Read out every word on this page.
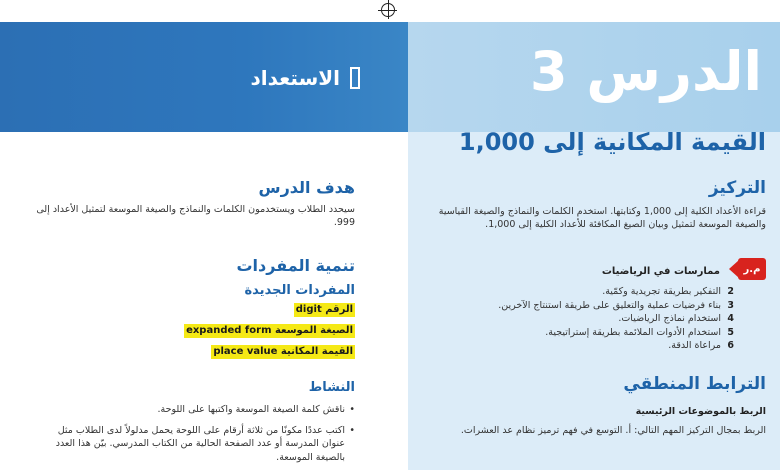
الاستعداد	الدرس 3
القيمة المكانية إلى 1,000
التركيز
قراءة الأعداد الكلية إلى 1,000 وكتابتها. استخدم الكلمات والنماذج والصيغة القياسية والصيغة الموسعة لتمثيل وبيان الصيغ المكافئة للأعداد الكلية إلى 1,000.
م.ر
ممارسات في الرياضيات
2
التفكير بطريقة تجريدية وكمّية.
3
بناء فرضيات عملية والتعليق على طريقة استنتاج الآخرين.
4
استخدام نماذج الرياضيات.
5
استخدام الأدوات الملائمة بطريقة إستراتيجية.
6
مراعاة الدقة.
الترابط المنطقي
الربط بالموضوعات الرئيسية
الربط بمجال التركيز المهم التالي: أ. التوسع في فهم ترميز نظام عد العشرات.
هدف الدرس
سيحدد الطلاب ويستخدمون الكلمات والنماذج والصيغة الموسعة لتمثيل الأعداد إلى 999.
تنمية المفردات
المفردات الجديدة
الرقم digit
الصيغة الموسعة expanded form
القيمة المكانية place value
النشاط
• ناقش كلمة الصيغة الموسعة واكتبها على اللوحة.
• اكتب عددًا مكونًا من ثلاثة أرقام على اللوحة يحمل مدلولاً لدى الطلاب مثل عنوان المدرسة أو عدد الصفحة الحالية من الكتاب المدرسي. بيّن هذا العدد بالصيغة الموسعة.
